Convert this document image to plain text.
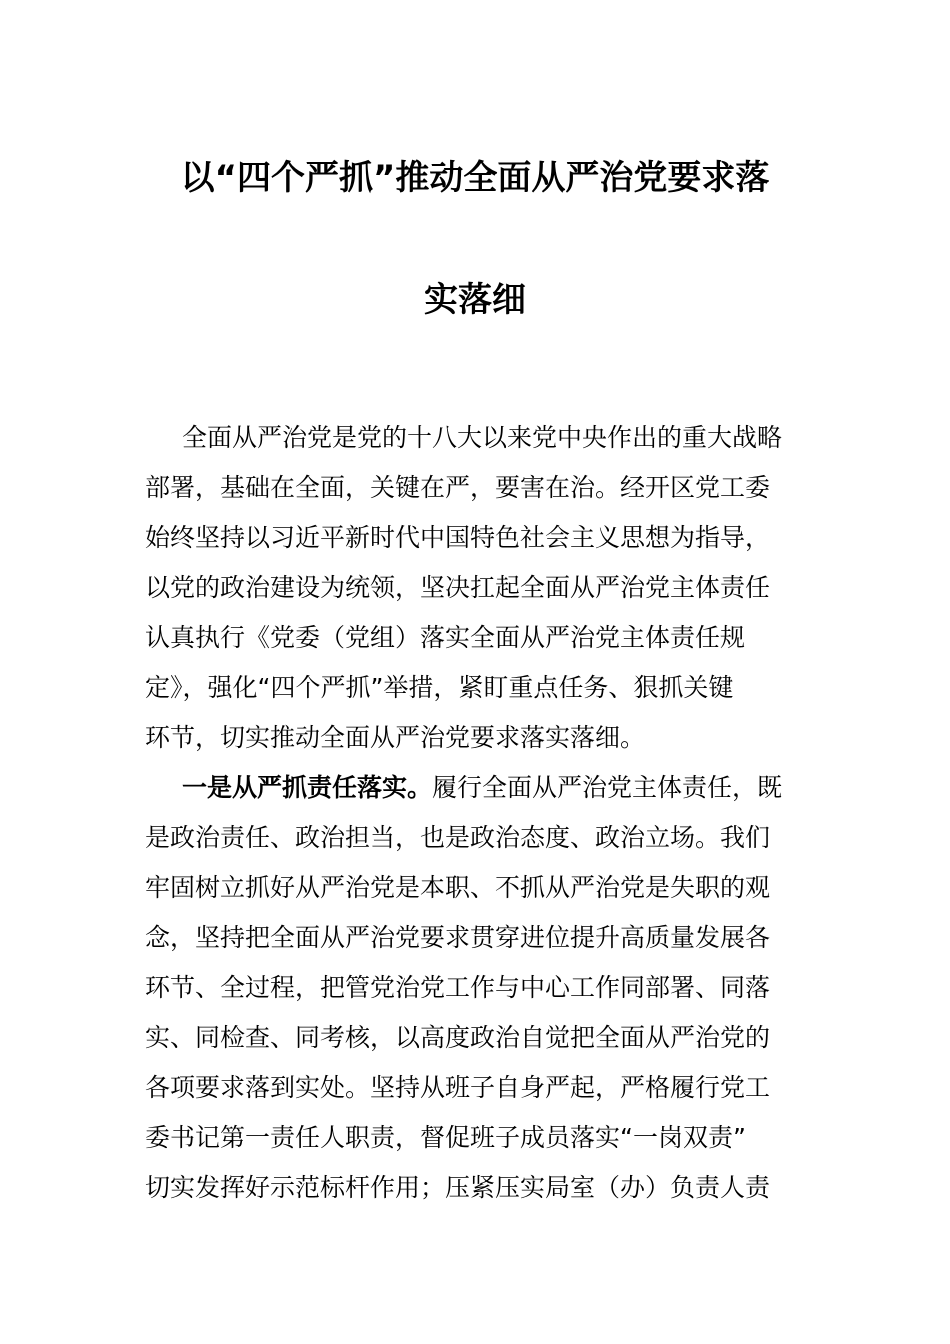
以“四个严抓”推动全面从严治党要求落
实落细
全面从严治党是党的十八大以来党中央作出的重大战略
部署，基础在全面，关键在严，要害在治。经开区党工委
始终坚持以习近平新时代中国特色社会主义思想为指导，
以党的政治建设为统领，坚决扛起全面从严治党主体责任
认真执行《党委（党组）落实全面从严治党主体责任规
定》，强化“四个严抓”举措，紧盯重点任务、狠抓关键
环节，切实推动全面从严治党要求落实落细。
一是从严抓责任落实。履行全面从严治党主体责任，既
是政治责任、政治担当，也是政治态度、政治立场。我们
牢固树立抓好从严治党是本职、不抓从严治党是失职的观
念，坚持把全面从严治党要求贯穿进位提升高质量发展各
环节、全过程，把管党治党工作与中心工作同部署、同落
实、同检查、同考核，以高度政治自觉把全面从严治党的
各项要求落到实处。坚持从班子自身严起，严格履行党工
委书记第一责任人职责，督促班子成员落实“一岗双责”
切实发挥好示范标杆作用；压紧压实局室（办）负责人责
